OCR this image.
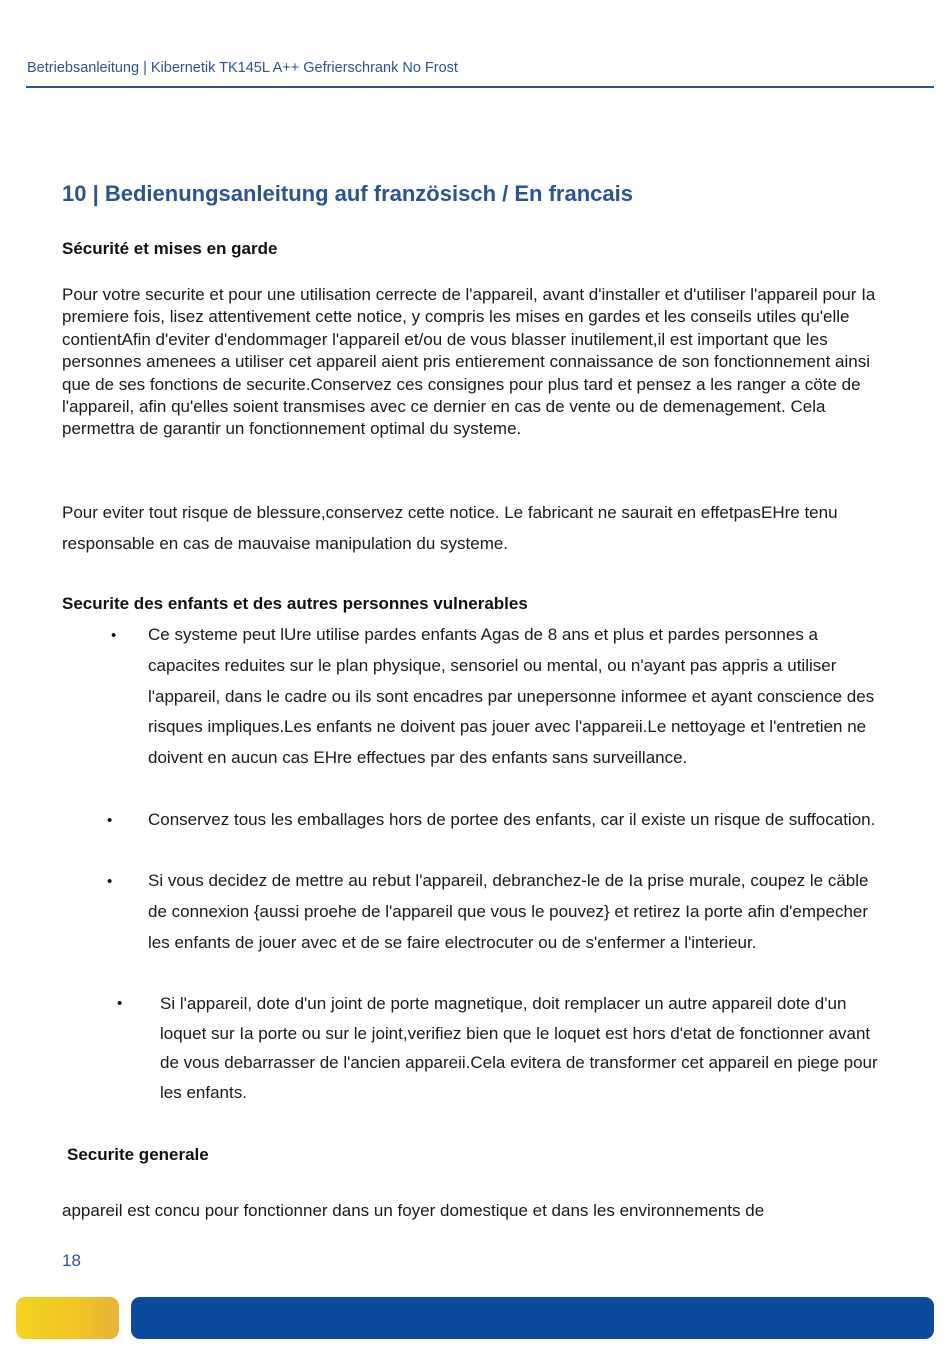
Betriebsanleitung | Kibernetik TK145L A++ Gefrierschrank No Frost
10 | Bedienungsanleitung auf französisch / En francais
Sécurité et mises en garde
Pour votre securite et pour une utilisation cerrecte de l'appareil, avant d'installer et d'utiliser l'appareil pour Ia premiere fois, lisez attentivement cette notice, y compris les mises en gardes et les conseils utiles qu'elle contientAfin d'eviter d'endommager l'appareil et/ou de vous blasser inutilement,il est important que les personnes amenees a utiliser cet appareil aient pris entierement connaissance de son fonctionnement ainsi que de ses fonctions de securite.Conservez ces consignes pour plus tard et pensez a les ranger a cöte de l'appareil, afin qu'elles soient transmises avec ce dernier en cas de vente ou de demenagement. Cela permettra de garantir un fonctionnement optimal du systeme.
Pour eviter tout risque de blessure,conservez cette notice. Le fabricant ne saurait en effetpasEHre tenu responsable en cas de mauvaise manipulation du systeme.
Securite des enfants et des autres personnes vulnerables
• Ce systeme peut lUre utilise pardes enfants Agas de 8 ans et plus et pardes personnes a capacites reduites sur le plan physique, sensoriel ou mental, ou n'ayant pas appris a utiliser l'appareil, dans le cadre ou ils sont encadres par unepersonne informee et ayant conscience des risques impliques.Les enfants ne doivent pas jouer avec l'appareii.Le nettoyage et l'entretien ne doivent en aucun cas EHre effectues par des enfants sans surveillance.
• Conservez tous les emballages hors de portee des enfants, car il existe un risque de suffocation.
• Si vous decidez de mettre au rebut l'appareil, debranchez-le de Ia prise murale, coupez le cäble de connexion {aussi proehe de l'appareil que vous le pouvez} et retirez Ia porte afin d'empecher les enfants de jouer avec et de se faire electrocuter ou de s'enfermer a l'interieur.
• Si l'appareil, dote d'un joint de porte magnetique, doit remplacer un autre appareil dote d'un loquet sur Ia porte ou sur le joint,verifiez bien que le loquet est hors d'etat de fonctionner avant de vous debarrasser de l'ancien appareii.Cela evitera de transformer cet appareil en piege pour les enfants.
Securite generale
appareil est concu pour fonctionner dans un foyer domestique et dans les environnements de
18
